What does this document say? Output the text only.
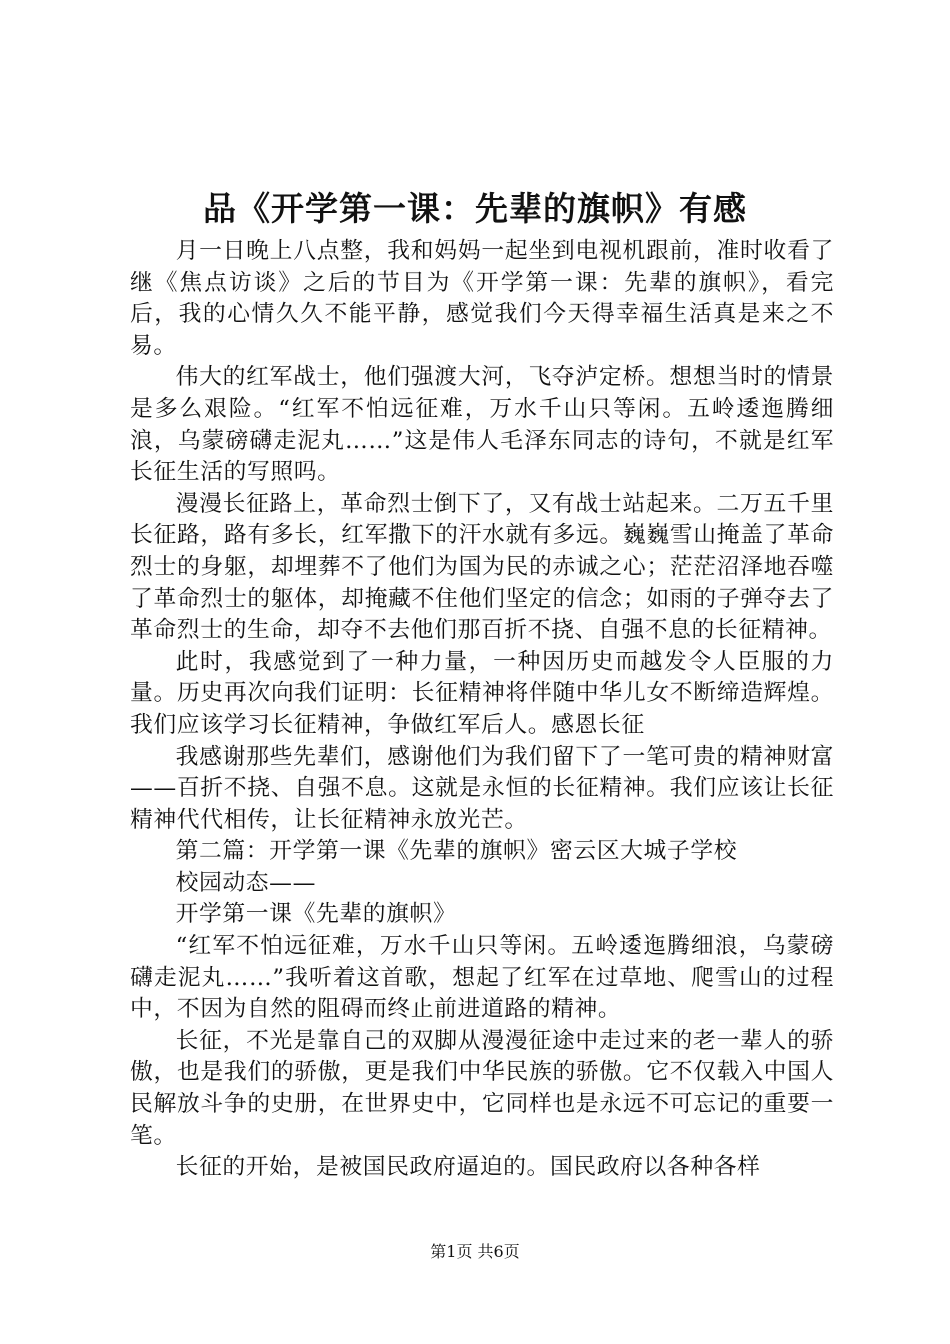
品《开学第一课：先辈的旗帜》有感

月一日晚上八点整，我和妈妈一起坐到电视机跟前，准时收看了继《焦点访谈》之后的节目为《开学第一课：先辈的旗帜》，看完后，我的心情久久不能平静，感觉我们今天得幸福生活真是来之不易。

伟大的红军战士，他们强渡大河，飞夺泸定桥。想想当时的情景是多么艰险。“红军不怕远征难，万水千山只等闲。五岭逶迤腾细浪，乌蒙磅礴走泥丸……”这是伟人毛泽东同志的诗句，不就是红军长征生活的写照吗。

漫漫长征路上，革命烈士倒下了，又有战士站起来。二万五千里长征路，路有多长，红军撒下的汗水就有多远。巍巍雪山掩盖了革命烈士的身躯，却埋葬不了他们为国为民的赤诚之心；茫茫沼泽地吞噬了革命烈士的躯体，却掩藏不住他们坚定的信念；如雨的子弹夺去了革命烈士的生命，却夺不去他们那百折不挠、自强不息的长征精神。

此时，我感觉到了一种力量，一种因历史而越发令人臣服的力量。历史再次向我们证明：长征精神将伴随中华儿女不断缔造辉煌。我们应该学习长征精神，争做红军后人。感恩长征

我感谢那些先辈们，感谢他们为我们留下了一笔可贵的精神财富——百折不挠、自强不息。这就是永恒的长征精神。我们应该让长征精神代代相传，让长征精神永放光芒。

第二篇：开学第一课《先辈的旗帜》密云区大城子学校

校园动态——

开学第一课《先辈的旗帜》

“红军不怕远征难，万水千山只等闲。五岭逶迤腾细浪，乌蒙磅礴走泥丸……”我听着这首歌，想起了红军在过草地、爬雪山的过程中，不因为自然的阻碍而终止前进道路的精神。

长征，不光是靠自己的双脚从漫漫征途中走过来的老一辈人的骄傲，也是我们的骄傲，更是我们中华民族的骄傲。它不仅载入中国人民解放斗争的史册，在世界史中，它同样也是永远不可忘记的重要一笔。

长征的开始，是被国民政府逼迫的。国民政府以各种各样

第1页 共6页
